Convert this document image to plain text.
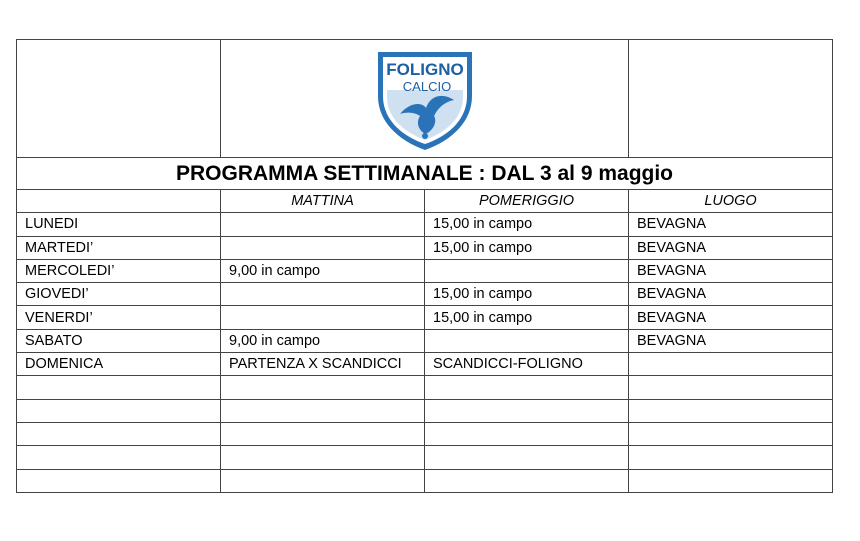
FOLIGNO
CALCIO		

PROGRAMMA SETTIMANALE : DAL 3 al 9 maggio			
	MATTINA	POMERIGGIO	LUOGO
LUNEDI		15,00 in campo	BEVAGNA
MARTEDI’		15,00 in campo	BEVAGNA
MERCOLEDI’	9,00 in campo		BEVAGNA
GIOVEDI’		15,00 in campo	BEVAGNA
VENERDI’		15,00 in campo	BEVAGNA
SABATO	9,00 in campo		BEVAGNA
DOMENICA	PARTENZA X SCANDICCI	SCANDICCI-FOLIGNO	
